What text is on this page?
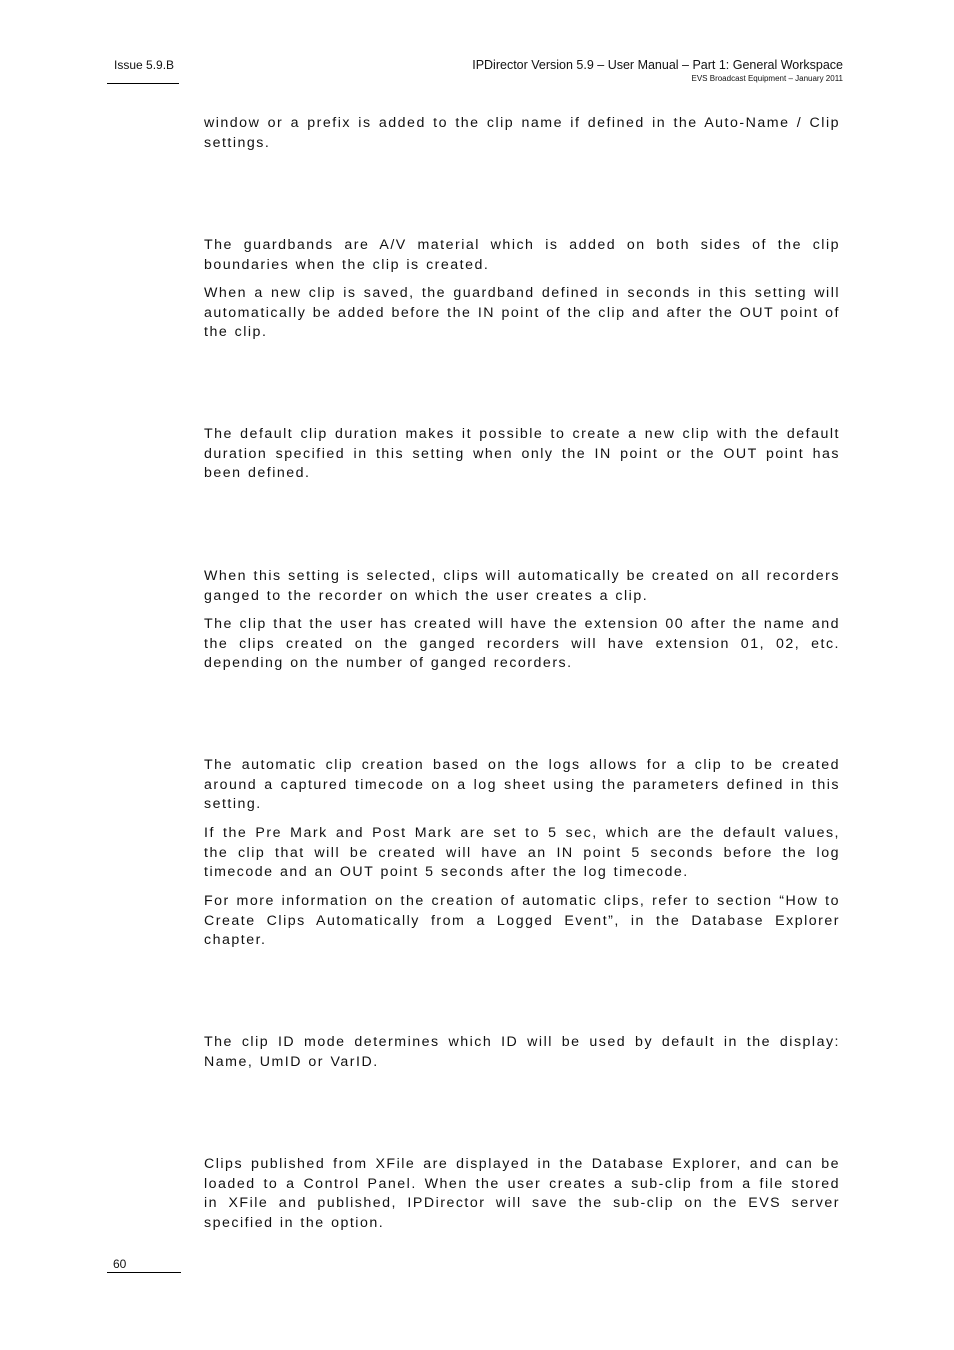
Issue 5.9.B	IPDirector Version 5.9 – User Manual – Part 1: General Workspace
EVS Broadcast Equipment – January 2011

window or a prefix is added to the clip name if defined in the Auto-Name / Clip settings.

The guardbands are A/V material which is added on both sides of the clip boundaries when the clip is created.

When a new clip is saved, the guardband defined in seconds in this setting will automatically be added before the IN point of the clip and after the OUT point of the clip.

The default clip duration makes it possible to create a new clip with the default duration specified in this setting when only the IN point or the OUT point has been defined.

When this setting is selected, clips will automatically be created on all recorders ganged to the recorder on which the user creates a clip.

The clip that the user has created will have the extension 00 after the name and the clips created on the ganged recorders will have extension 01, 02, etc. depending on the number of ganged recorders.

The automatic clip creation based on the logs allows for a clip to be created around a captured timecode on a log sheet using the parameters defined in this setting.

If the Pre Mark and Post Mark are set to 5 sec, which are the default values, the clip that will be created will have an IN point 5 seconds before the log timecode and an OUT point 5 seconds after the log timecode.

For more information on the creation of automatic clips, refer to section “How to Create Clips Automatically from a Logged Event”, in the Database Explorer chapter.

The clip ID mode determines which ID will be used by default in the display: Name, UmID or VarID.

Clips published from XFile are displayed in the Database Explorer, and can be loaded to a Control Panel. When the user creates a sub-clip from a file stored in XFile and published, IPDirector will save the sub-clip on the EVS server specified in the option.

60
